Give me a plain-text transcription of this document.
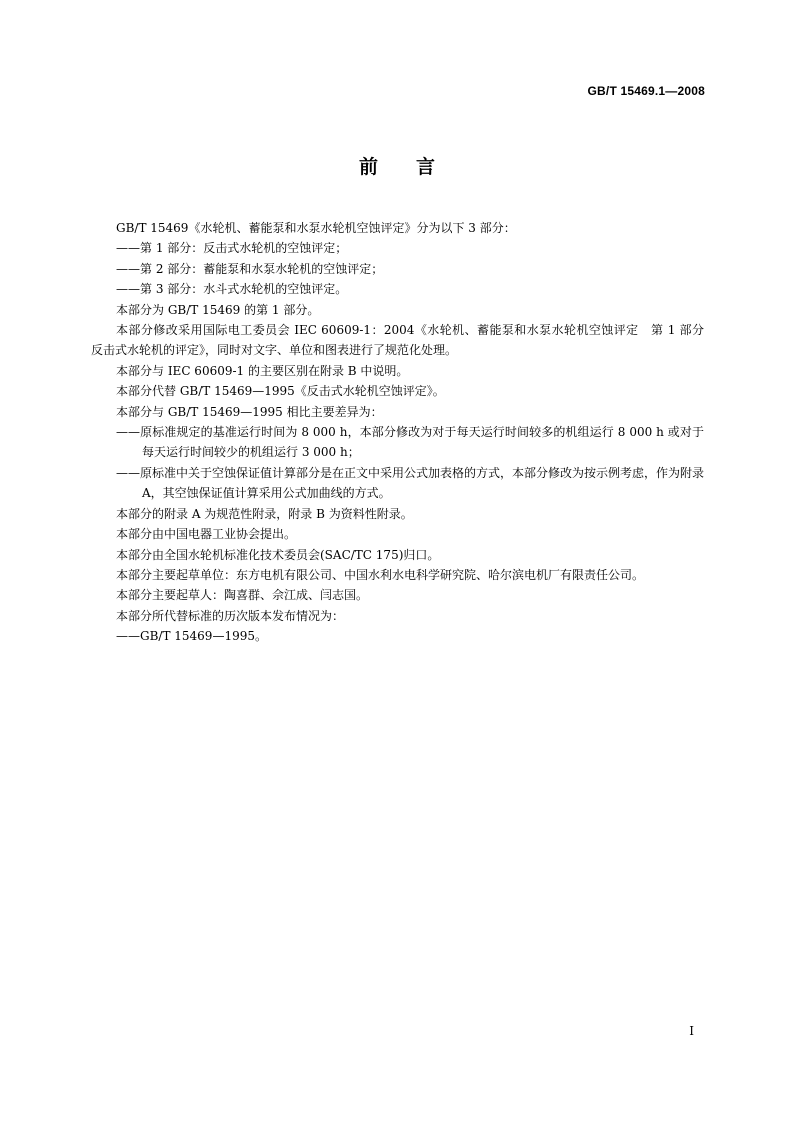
GB/T 15469.1—2008
前言

GB/T 15469《水轮机、蓄能泵和水泵水轮机空蚀评定》分为以下 3 部分：

——第 1 部分：反击式水轮机的空蚀评定；

——第 2 部分：蓄能泵和水泵水轮机的空蚀评定；

——第 3 部分：水斗式水轮机的空蚀评定。

本部分为 GB/T 15469 的第 1 部分。

本部分修改采用国际电工委员会 IEC 60609-1：2004《水轮机、蓄能泵和水泵水轮机空蚀评定　第 1 部分　反击式水轮机的评定》，同时对文字、单位和图表进行了规范化处理。

本部分与 IEC 60609-1 的主要区别在附录 B 中说明。

本部分代替 GB/T 15469—1995《反击式水轮机空蚀评定》。

本部分与 GB/T 15469—1995 相比主要差异为：

——原标准规定的基准运行时间为 8 000 h，本部分修改为对于每天运行时间较多的机组运行 8 000 h 或对于每天运行时间较少的机组运行 3 000 h；

——原标准中关于空蚀保证值计算部分是在正文中采用公式加表格的方式，本部分修改为按示例考虑，作为附录 A，其空蚀保证值计算采用公式加曲线的方式。

本部分的附录 A 为规范性附录，附录 B 为资料性附录。

本部分由中国电器工业协会提出。

本部分由全国水轮机标准化技术委员会(SAC/TC 175)归口。

本部分主要起草单位：东方电机有限公司、中国水利水电科学研究院、哈尔滨电机厂有限责任公司。

本部分主要起草人：陶喜群、佘江成、闫志国。

本部分所代替标准的历次版本发布情况为：

——GB/T 15469—1995。

I
